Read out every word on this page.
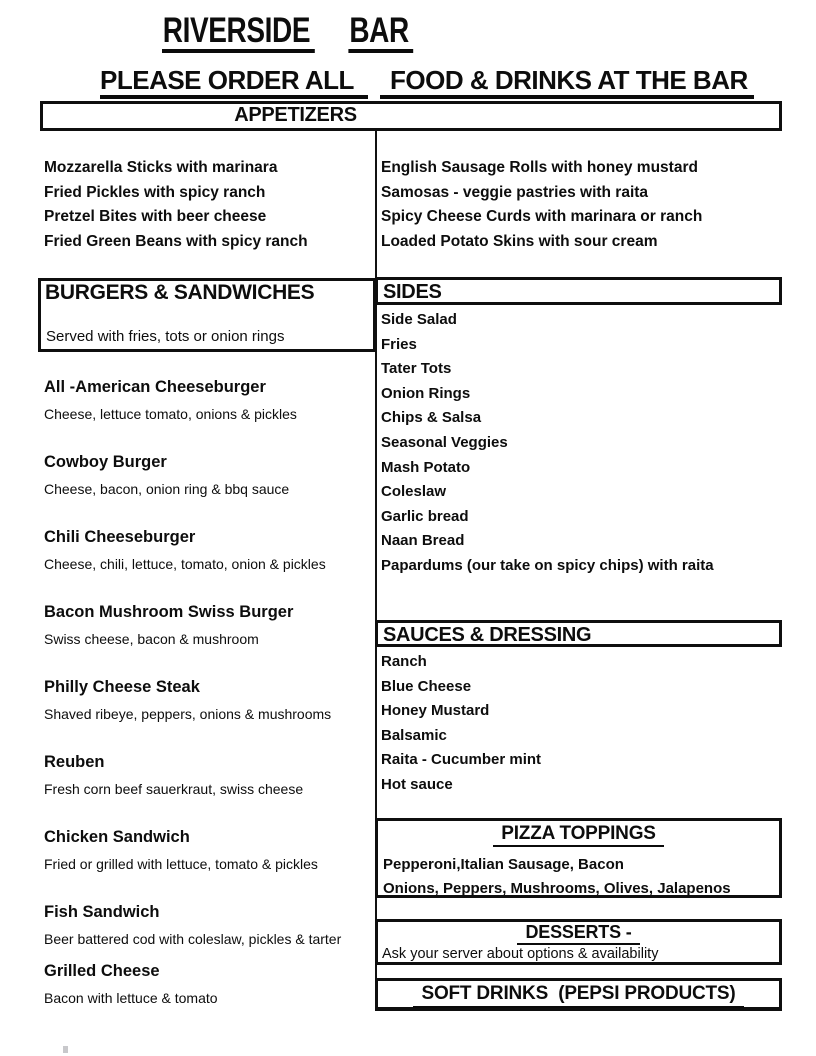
RIVERSIDE BAR
PLEASE ORDER ALL	FOOD & DRINKS AT THE BAR
APPETIZERS
Mozzarella Sticks with marinara
Fried Pickles with spicy ranch
Pretzel Bites with beer cheese
Fried Green Beans with spicy ranch
English Sausage Rolls with honey mustard
Samosas - veggie pastries with raita
Spicy Cheese Curds with marinara or ranch
Loaded Potato Skins with sour cream
BURGERS & SANDWICHES
Served with fries, tots or onion rings
All -American Cheeseburger
Cheese, lettuce tomato, onions & pickles
Cowboy Burger
Cheese, bacon, onion ring & bbq sauce
Chili Cheeseburger
Cheese, chili, lettuce, tomato, onion & pickles
Bacon Mushroom Swiss Burger
Swiss cheese, bacon & mushroom
Philly Cheese Steak
Shaved ribeye, peppers, onions & mushrooms
Reuben
Fresh corn beef sauerkraut, swiss cheese
Chicken Sandwich
Fried or grilled with lettuce, tomato & pickles
Fish Sandwich
Beer battered cod with coleslaw, pickles & tarter
Grilled Cheese
Bacon with lettuce & tomato
SIDES
Side Salad
Fries
Tater Tots
Onion Rings
Chips & Salsa
Seasonal Veggies
Mash Potato
Coleslaw
Garlic bread
Naan Bread
Papardums (our take on spicy chips) with raita
SAUCES & DRESSING
Ranch
Blue Cheese
Honey Mustard
Balsamic
Raita - Cucumber mint
Hot sauce
PIZZA TOPPINGS
Pepperoni,Italian Sausage, Bacon
Onions, Peppers, Mushrooms, Olives, Jalapenos
DESSERTS -
Ask your server about options & availability
SOFT DRINKS  (PEPSI PRODUCTS)
